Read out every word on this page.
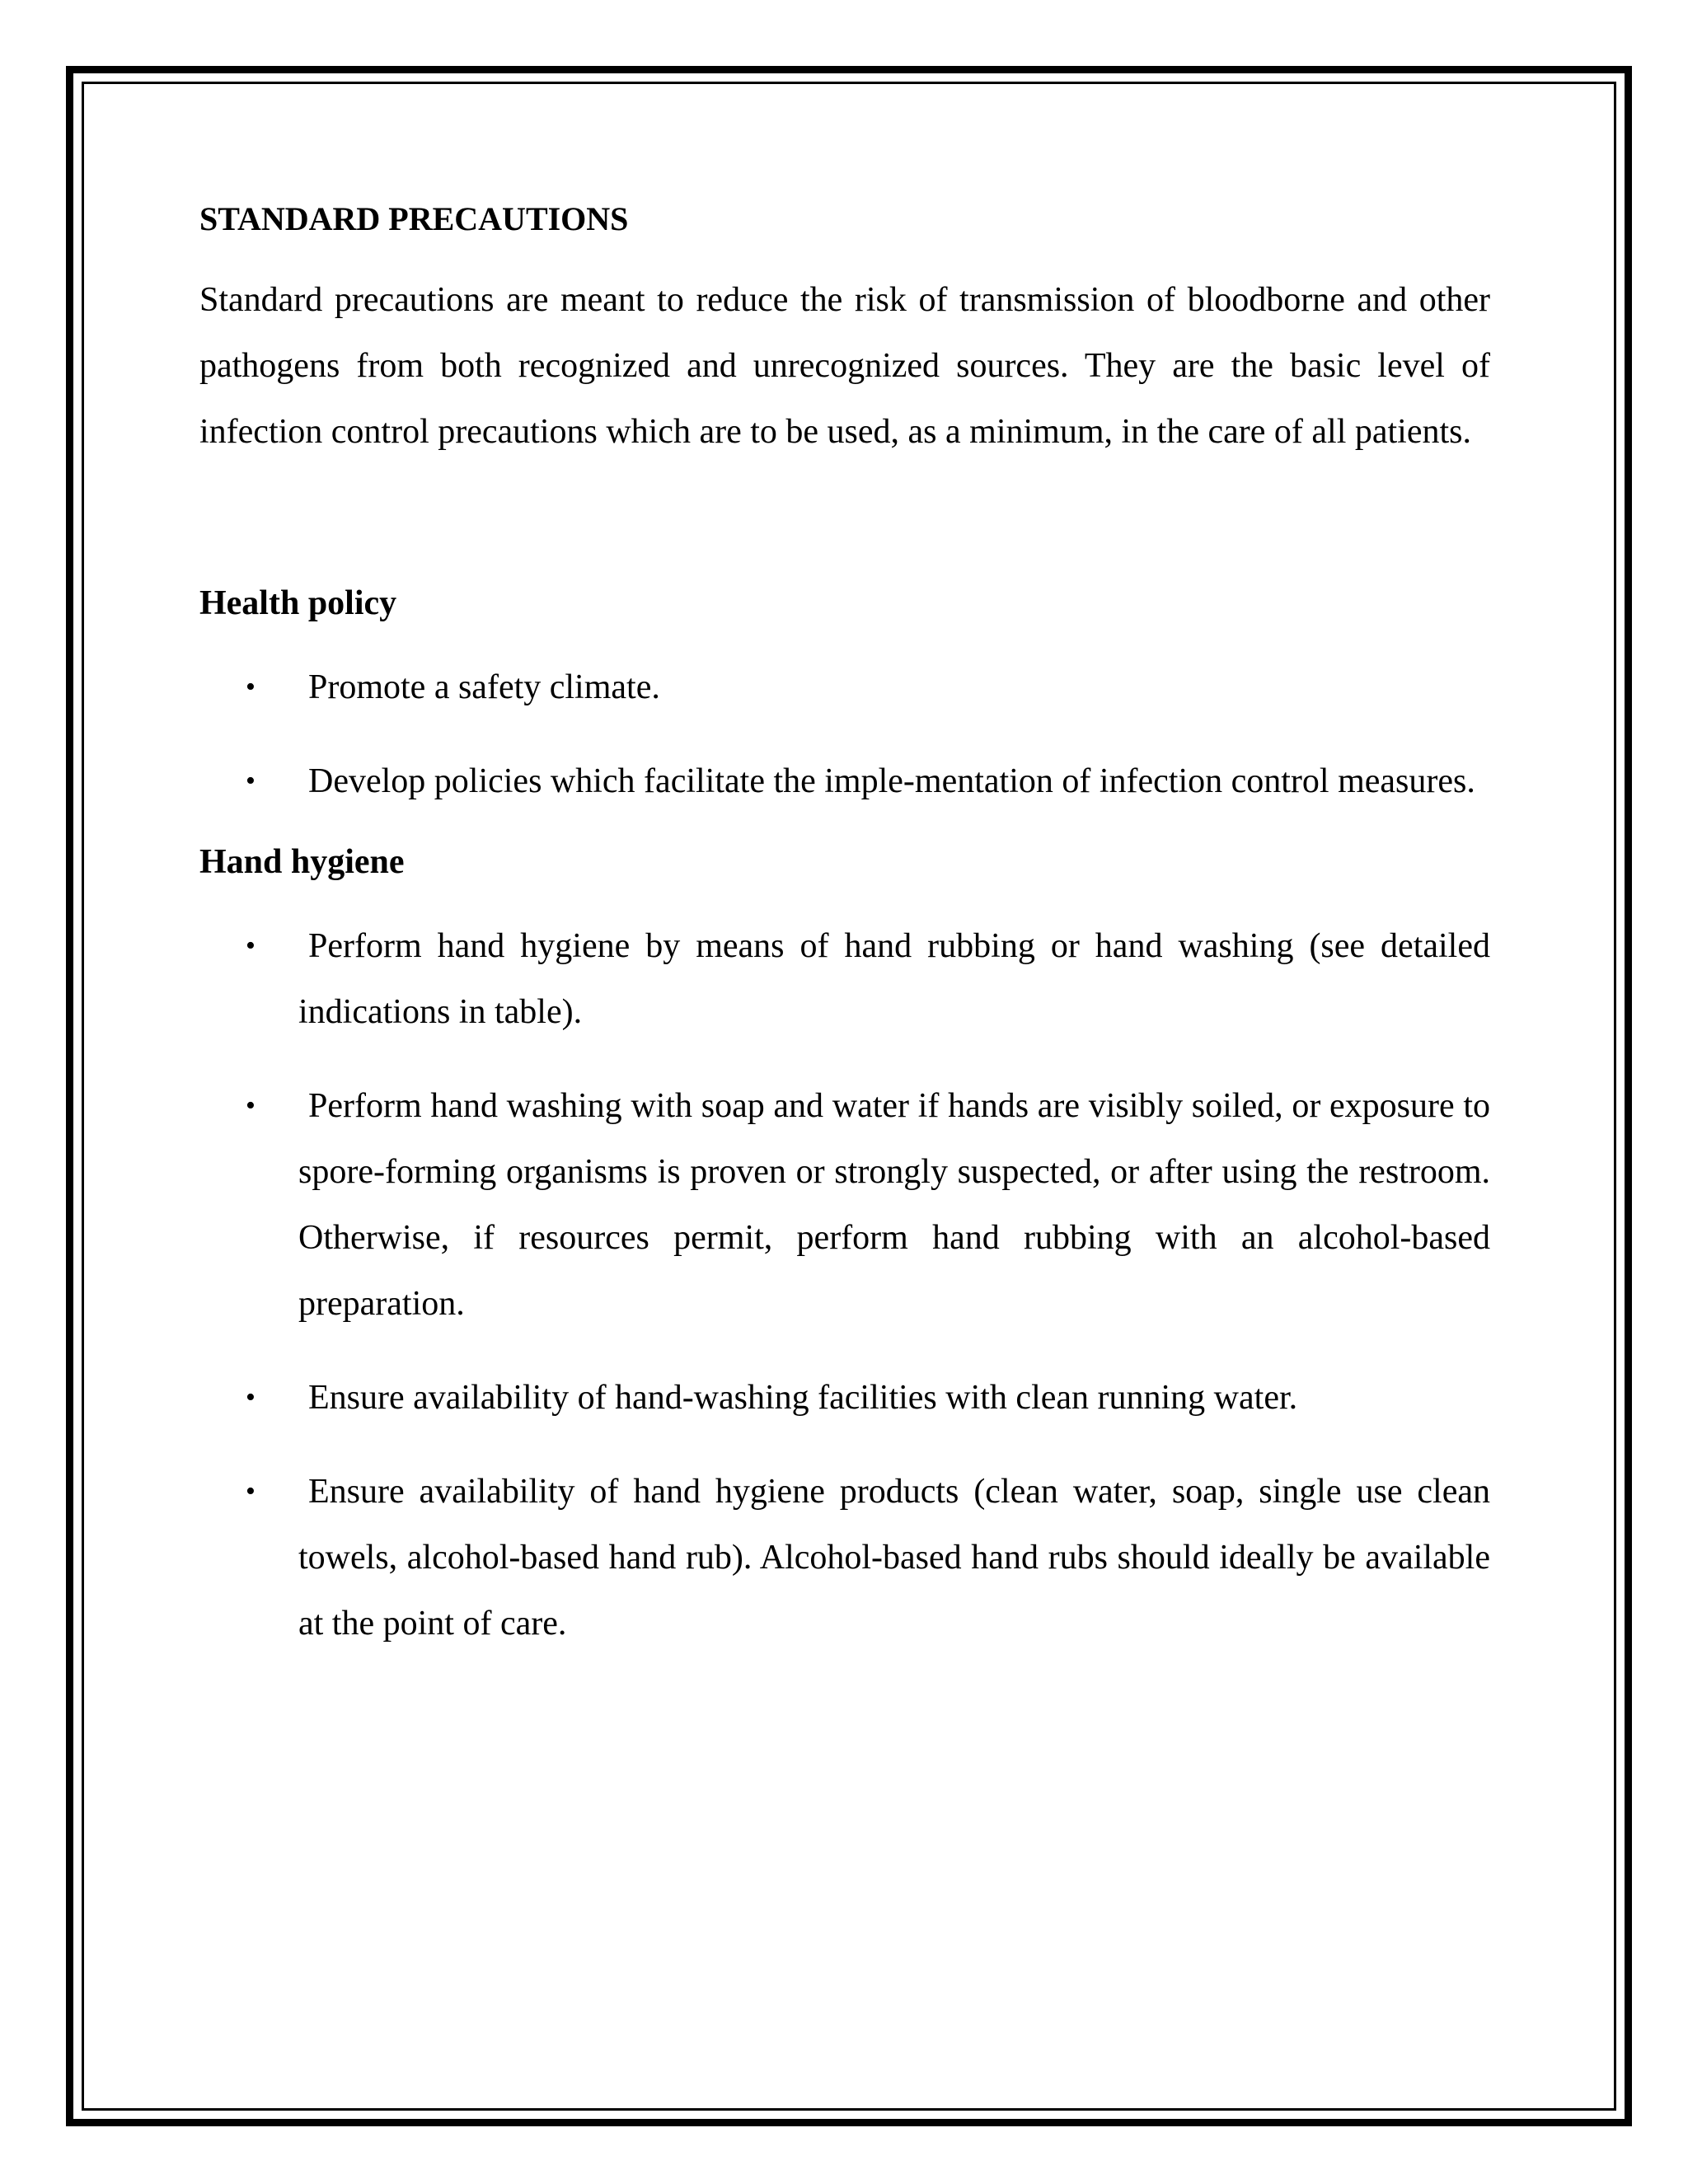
STANDARD PRECAUTIONS

Standard precautions are meant to reduce the risk of transmission of bloodborne and other pathogens from both recognized and unrecognized sources. They are the basic level of infection control precautions which are to be used, as a minimum, in the care of all patients.

Health policy
• Promote a safety climate.
• Develop policies which facilitate the imple-mentation of infection control measures.
Hand hygiene
• Perform hand hygiene by means of hand rubbing or hand washing (see detailed indications in table).
• Perform hand washing with soap and water if hands are visibly soiled, or exposure to spore-forming organisms is proven or strongly suspected, or after using the restroom. Otherwise, if resources permit, perform hand rubbing with an alcohol-based preparation.
• Ensure availability of hand-washing facilities with clean running water.
• Ensure availability of hand hygiene products (clean water, soap, single use clean towels, alcohol-based hand rub). Alcohol-based hand rubs should ideally be available at the point of care.
